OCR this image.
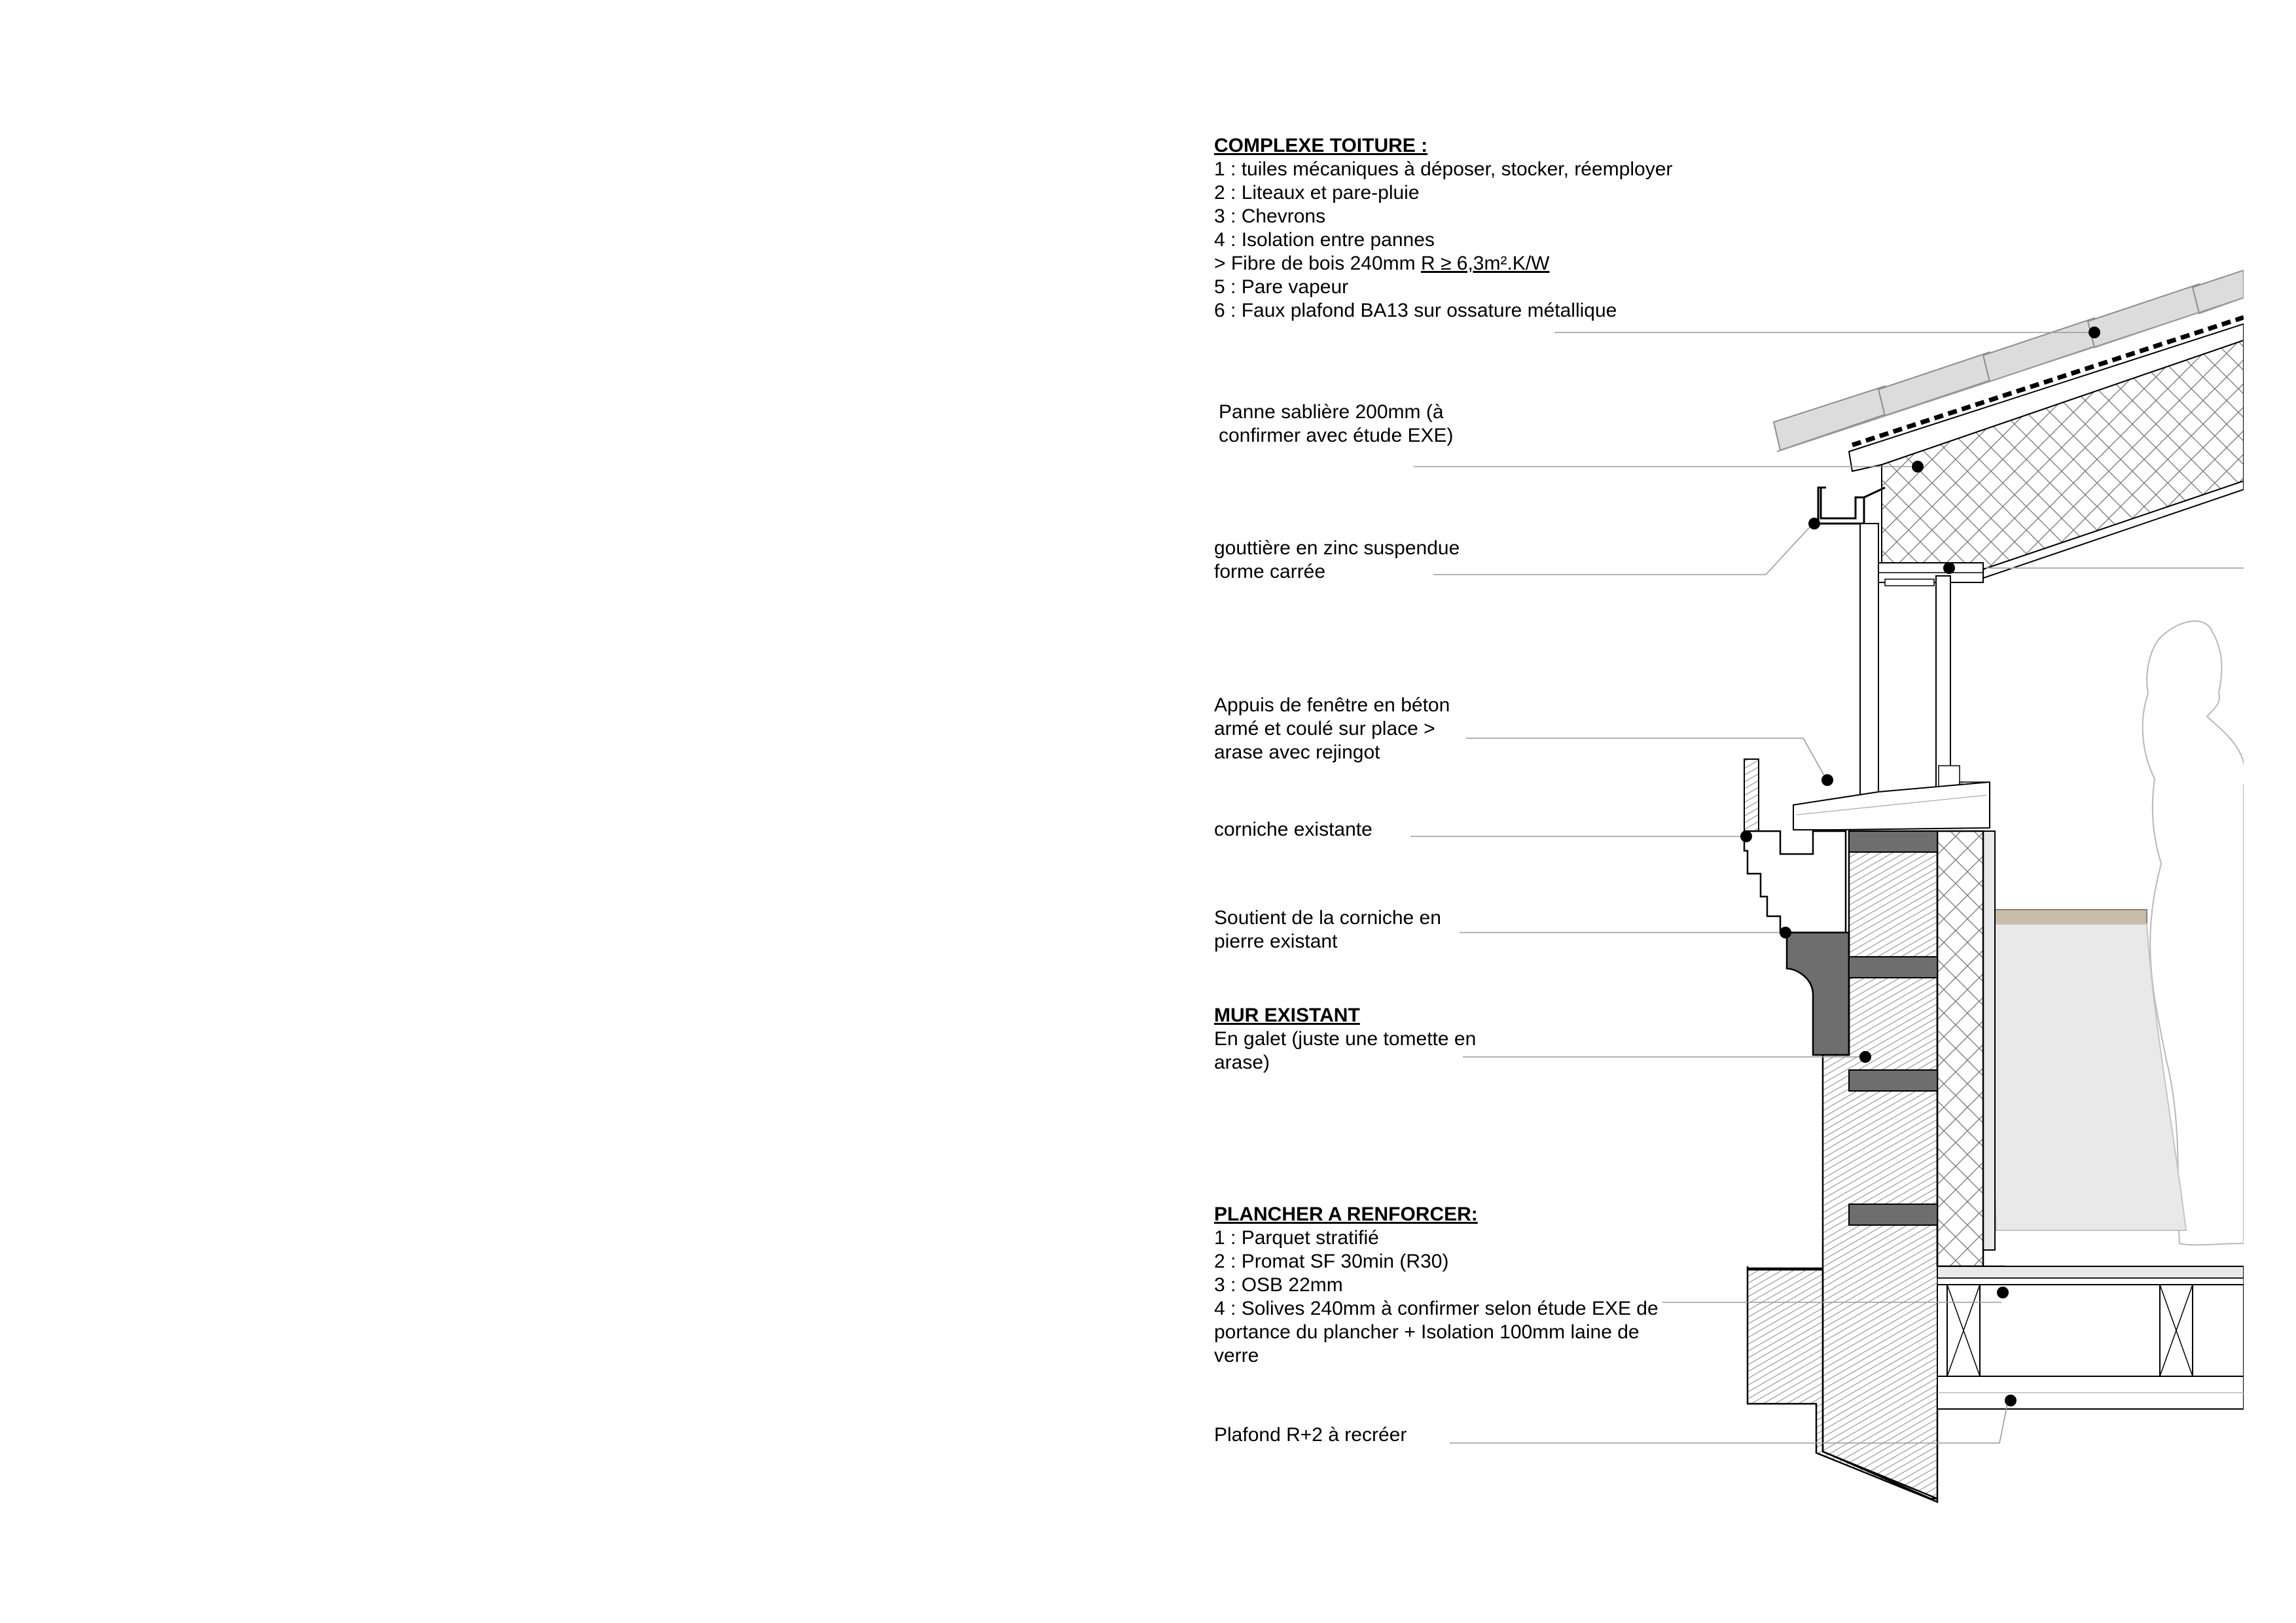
COMPLEXE TOITURE :
1 : tuiles mécaniques à déposer, stocker, réemployer
2 : Liteaux et pare-pluie
3 : Chevrons
4 : Isolation entre pannes
> Fibre de bois 240mm R ≥ 6,3m².K/W
5 : Pare vapeur
6 : Faux plafond BA13 sur ossature métallique
Panne sablière 200mm (à
confirmer avec étude EXE)
gouttière en zinc suspendue
forme carrée
Appuis de fenêtre en béton
armé et coulé sur place >
arase avec rejingot
corniche existante
Soutient de la corniche en
pierre existant
MUR EXISTANT
En galet (juste une tomette en
arase)
PLANCHER A RENFORCER:
1 : Parquet stratifié
2 : Promat SF 30min (R30)
3 : OSB 22mm
4 : Solives 240mm à confirmer selon étude EXE de
portance du plancher + Isolation 100mm laine de
verre
Plafond R+2 à recréer
